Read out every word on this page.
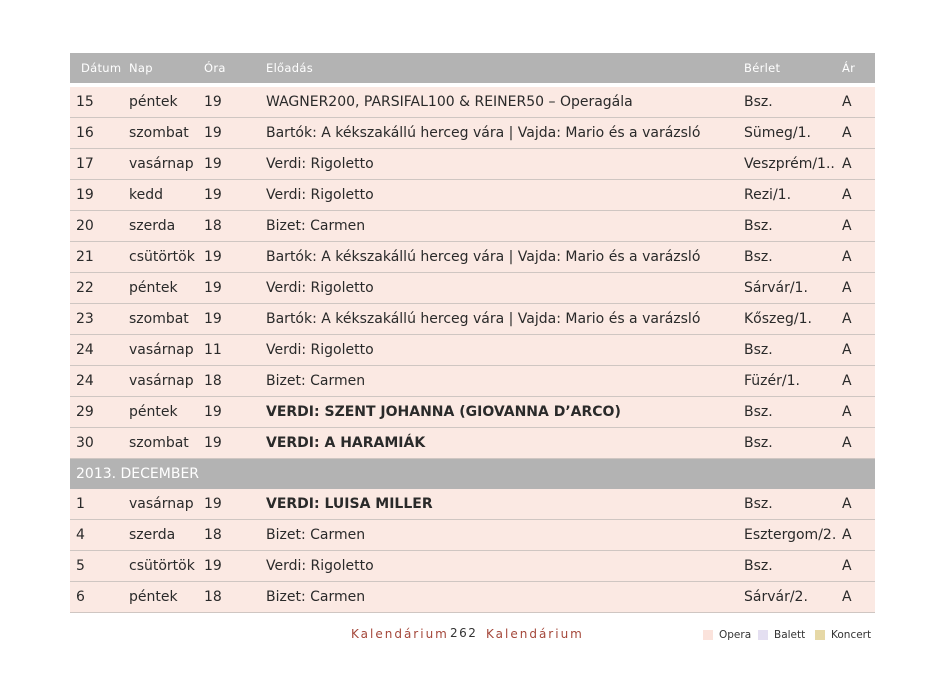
Dátum Nap	Óra	Előadás	Bérlet	Ár
15	péntek	19	WAGNER200, PARSIFAL100 & REINER50 – Operagála	Bsz.	A
16	szombat	19	Bartók: A kékszakállú herceg vára | Vajda: Mario és a varázsló	Sümeg/1.	A
17	vasárnap 19	Verdi: Rigoletto	Veszprém/1.. A
19	kedd	19	Verdi: Rigoletto	Rezi/1.	A
20	szerda	18	Bizet: Carmen	Bsz.	A
21	csütörtök 19	Bartók: A kékszakállú herceg vára | Vajda: Mario és a varázsló	Bsz.	A
22	péntek	19	Verdi: Rigoletto	Sárvár/1.	A
23	szombat	19	Bartók: A kékszakállú herceg vára | Vajda: Mario és a varázsló	Kőszeg/1.	A
24	vasárnap 11	Verdi: Rigoletto	Bsz.	A
24	vasárnap 18	Bizet: Carmen	Füzér/1.	A
29	péntek	19	VERDI: SZENT JOHANNA (GIOVANNA D’ARCO)	Bsz.	A
30	szombat	19	VERDI: A HARAMIÁK	Bsz.	A
2013. DECEMBER
1	vasárnap 19	VERDI: LUISA MILLER	Bsz.	A
4	szerda	18	Bizet: Carmen	Esztergom/2. A
5	csütörtök 19	Verdi: Rigoletto	Bsz.	A
6	péntek	18	Bizet: Carmen	Sárvár/2.	A
Kalendárium 262 Kalendárium	Opera Balett Koncert
